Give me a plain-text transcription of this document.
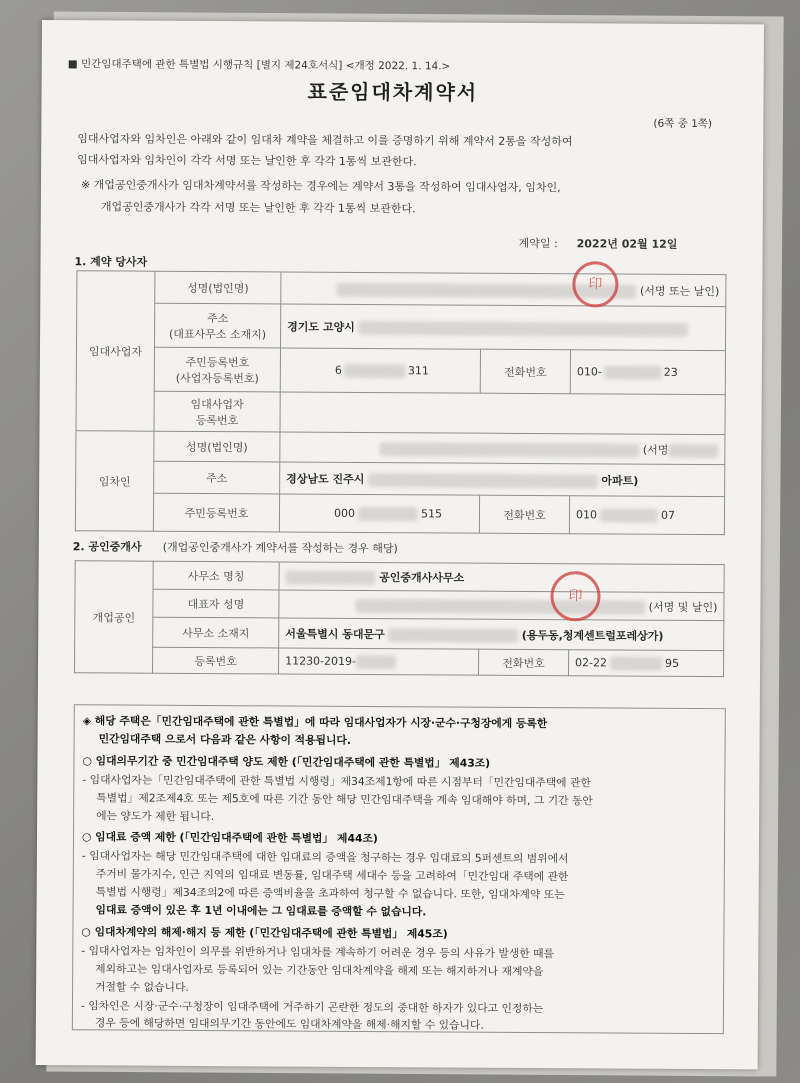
■ 민간임대주택에 관한 특별법 시행규칙 [별지 제24호서식] <개정 2022. 1. 14.>
표준임대차계약서
(6쪽 중 1쪽)
임대사업자와 임차인은 아래와 같이 임대차 계약을 체결하고 이를 증명하기 위해 계약서 2통을 작성하여
임대사업자와 임차인이 각각 서명 또는 날인한 후 각각 1통씩 보관한다.
※ 개업공인중개사가 임대차계약서를 작성하는 경우에는 계약서 3통을 작성하여 임대사업자, 임차인,
개업공인중개사가 각각 서명 또는 날인한 후 각각 1통씩 보관한다.
계약일 : 2022년 02월 12일
1. 계약 당사자
임대사업자	성명(법인명)	(서명 또는 날인)		

	주소
(대표사무소 소재지)	경기도 고양시		

	주민등록번호
(사업자등록번호)	6 311	전화번호	010- 23

	임대사업자
등록번호			

임차인	성명(법인명)	(서명		
	주소	경상남도 진주시 아파트)		
	주민등록번호	000 515	전화번호	010 07
印
2. 공인중개사 (개업공인중개사가 계약서를 작성하는 경우 해당)
개업공인	사무소 명칭	공인중개사사무소		
	대표자 성명	(서명 및 날인)		
	사무소 소재지	서울특별시 동대문구 (용두동,청계센트럴포레상가)		
	등록번호	11230-2019-	전화번호	02-22 95
印
◈ 해당 주택은「민간임대주택에 관한 특별법」에 따라 임대사업자가 시장·군수·구청장에게 등록한
민간임대주택 으로서 다음과 같은 사항이 적용됩니다.
○ 임대의무기간 중 민간임대주택 양도 제한 (「민간임대주택에 관한 특별법」 제43조)
- 임대사업자는「민간임대주택에 관한 특별법 시행령」제34조제1항에 따른 시점부터「민간임대주택에 관한
특별법」제2조제4호 또는 제5호에 따른 기간 동안 해당 민간임대주택을 계속 임대해야 하며, 그 기간 동안
에는 양도가 제한 됩니다.
○ 임대료 증액 제한 (「민간임대주택에 관한 특별법」 제44조)
- 임대사업자는 해당 민간임대주택에 대한 임대료의 증액을 청구하는 경우 임대료의 5퍼센트의 범위에서
주거비 물가지수, 인근 지역의 임대료 변동률, 임대주택 세대수 등을 고려하여「민간임대 주택에 관한
특별법 시행령」제34조의2에 따른 증액비율을 초과하여 청구할 수 없습니다. 또한, 임대차계약 또는
임대료 증액이 있은 후 1년 이내에는 그 임대료를 증액할 수 없습니다.
○ 임대차계약의 해제·해지 등 제한 (「민간임대주택에 관한 특별법」 제45조)
- 임대사업자는 임차인이 의무를 위반하거나 임대차를 계속하기 어려운 경우 등의 사유가 발생한 때를
제외하고는 임대사업자로 등록되어 있는 기간동안 임대차계약을 해제 또는 해지하거나 재계약을
거절할 수 없습니다.
- 임차인은 시장·군수·구청장이 임대주택에 거주하기 곤란한 정도의 중대한 하자가 있다고 인정하는
경우 등에 해당하면 임대의무기간 동안에도 임대차계약을 해제·해지할 수 있습니다.
